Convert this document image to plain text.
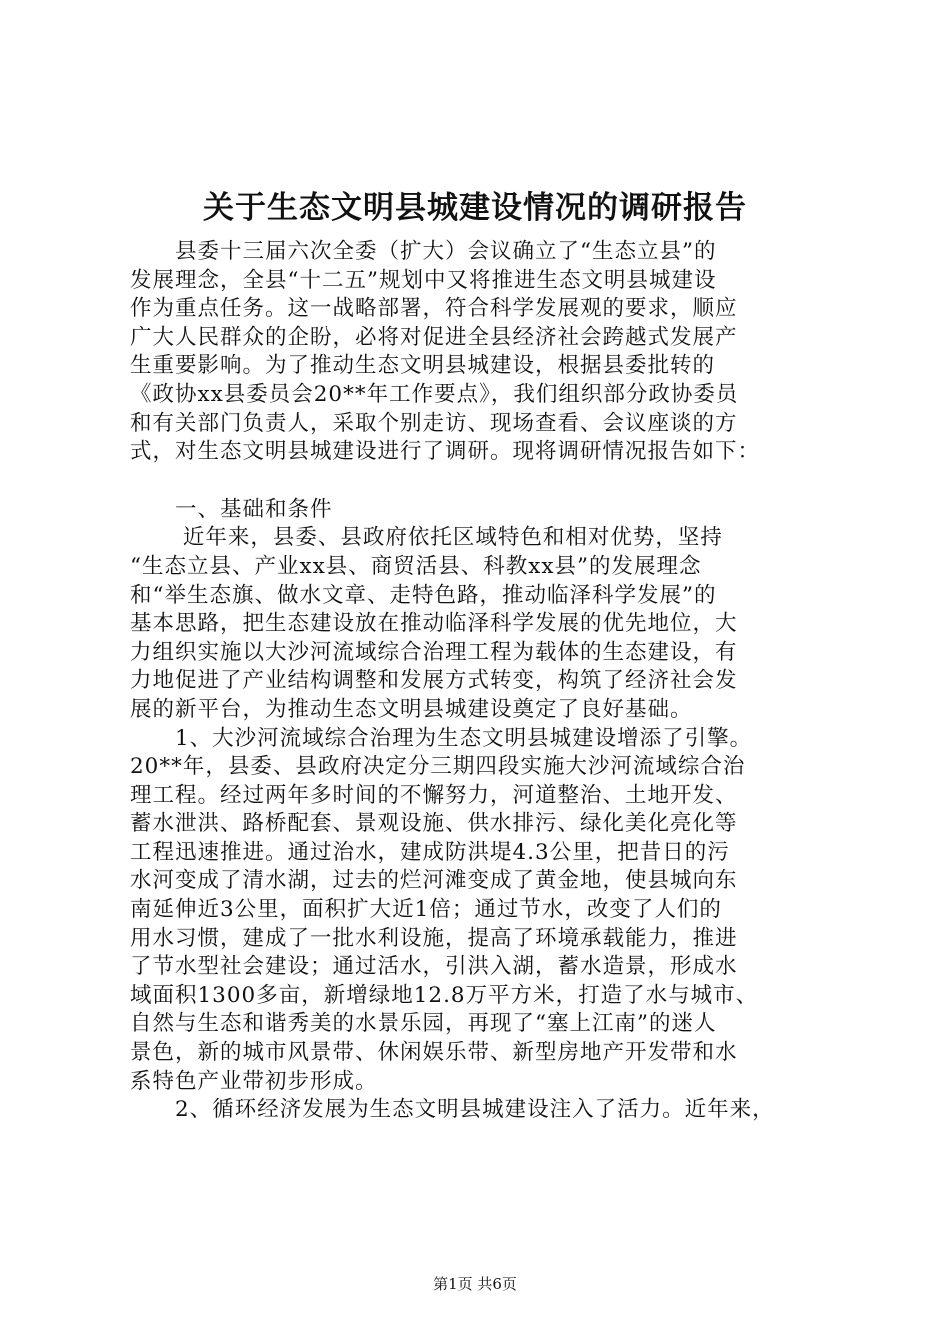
关于生态文明县城建设情况的调研报告
　　县委十三届六次全委（扩大）会议确立了“生态立县”的
发展理念，全县“十二五”规划中又将推进生态文明县城建设
作为重点任务。这一战略部署，符合科学发展观的要求，顺应
广大人民群众的企盼，必将对促进全县经济社会跨越式发展产
生重要影响。为了推动生态文明县城建设，根据县委批转的
《政协xx县委员会20**年工作要点》，我们组织部分政协委员
和有关部门负责人，采取个别走访、现场查看、会议座谈的方
式，对生态文明县城建设进行了调研。现将调研情况报告如下：
　　一、基础和条件
　　 近年来，县委、县政府依托区域特色和相对优势，坚持
“生态立县、产业xx县、商贸活县、科教xx县”的发展理念
和“举生态旗、做水文章、走特色路，推动临泽科学发展”的
基本思路，把生态建设放在推动临泽科学发展的优先地位，大
力组织实施以大沙河流域综合治理工程为载体的生态建设，有
力地促进了产业结构调整和发展方式转变，构筑了经济社会发
展的新平台，为推动生态文明县城建设奠定了良好基础。
　　1、大沙河流域综合治理为生态文明县城建设增添了引擎。
20**年，县委、县政府决定分三期四段实施大沙河流域综合治
理工程。经过两年多时间的不懈努力，河道整治、土地开发、
蓄水泄洪、路桥配套、景观设施、供水排污、绿化美化亮化等
工程迅速推进。通过治水，建成防洪堤4.3公里，把昔日的污
水河变成了清水湖，过去的烂河滩变成了黄金地，使县城向东
南延伸近3公里，面积扩大近1倍；通过节水，改变了人们的
用水习惯，建成了一批水利设施，提高了环境承载能力，推进
了节水型社会建设；通过活水，引洪入湖，蓄水造景，形成水
域面积1300多亩，新增绿地12.8万平方米，打造了水与城市、
自然与生态和谐秀美的水景乐园，再现了“塞上江南”的迷人
景色，新的城市风景带、休闲娱乐带、新型房地产开发带和水
系特色产业带初步形成。
　　2、循环经济发展为生态文明县城建设注入了活力。近年来，
第1页 共6页
